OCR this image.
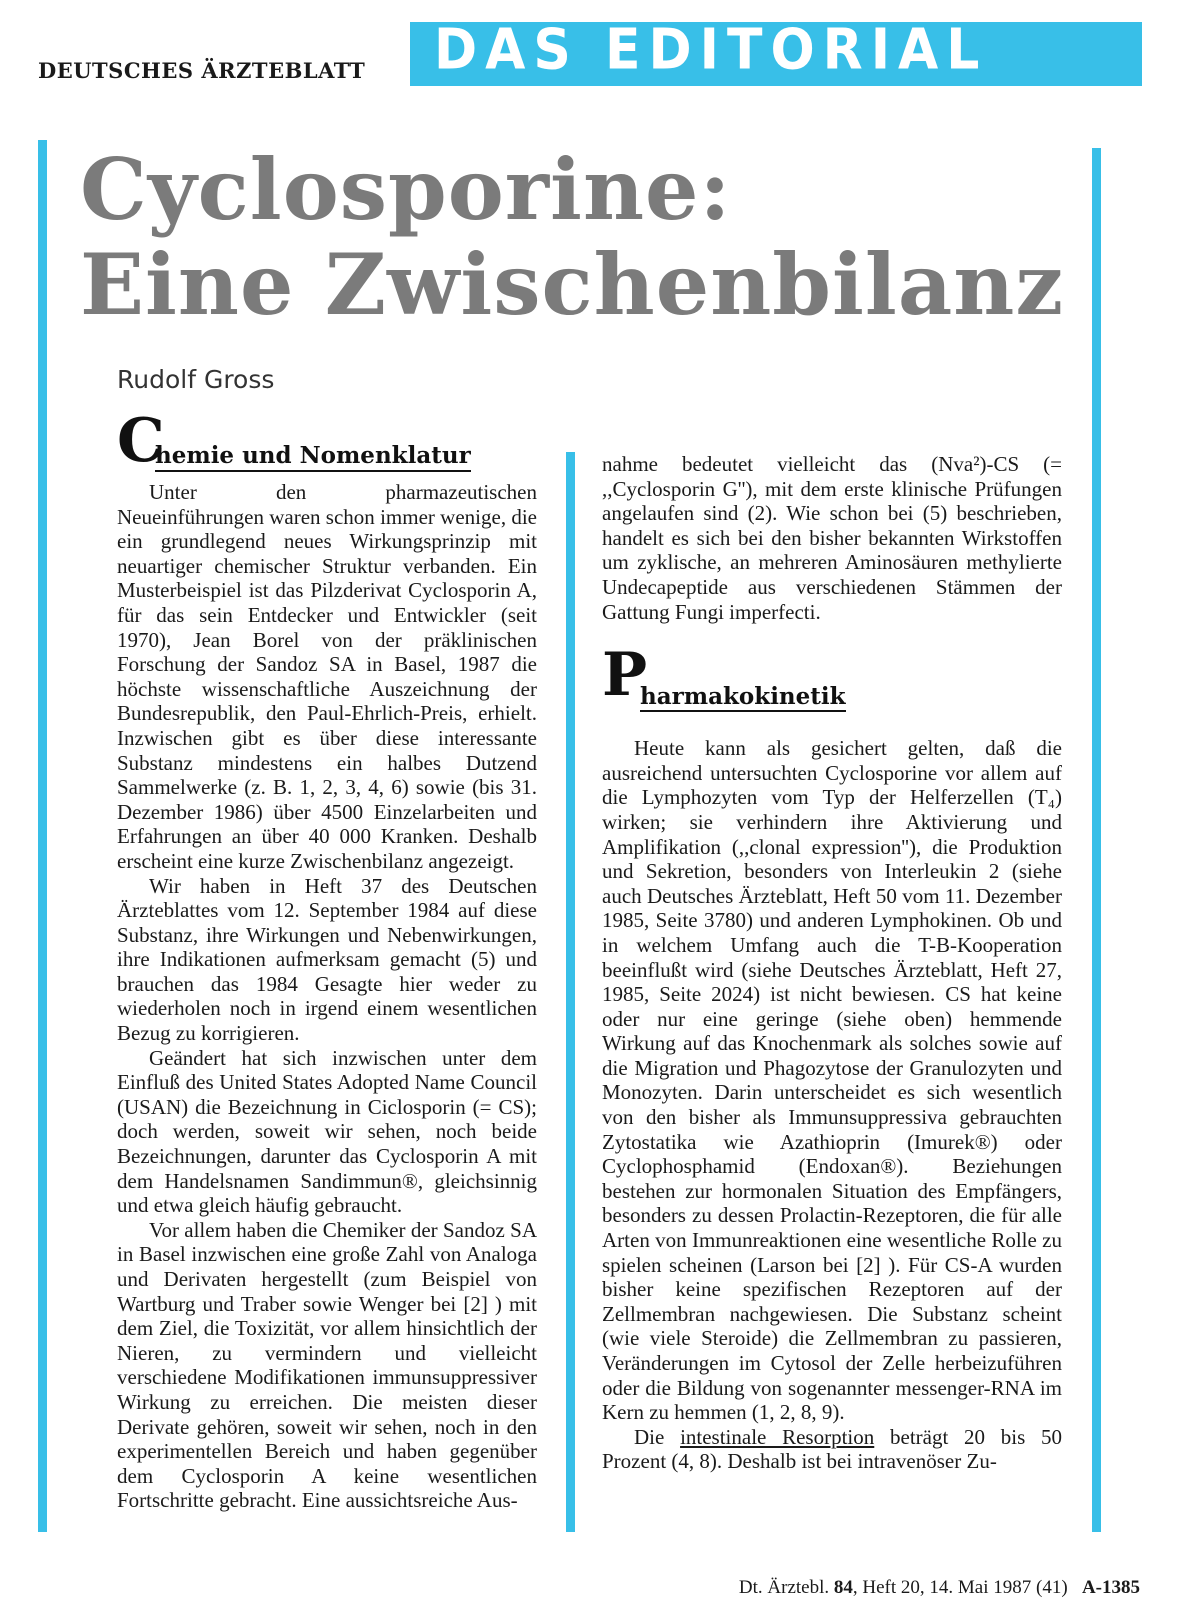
DEUTSCHES ÄRZTEBLATT DAS EDITORIAL
Cyclosporine:
Eine Zwischenbilanz
Rudolf Gross
C
hemie und Nomenklatur

Unter den pharmazeutischen Neueinführungen waren schon immer wenige, die ein grundlegend neues Wirkungsprinzip mit neuartiger chemischer Struktur verbanden. Ein Musterbeispiel ist das Pilzderivat Cyclosporin A, für das sein Entdecker und Entwickler (seit 1970), Jean Borel von der präklinischen Forschung der Sandoz SA in Basel, 1987 die höchste wissenschaftliche Auszeichnung der Bundesrepublik, den Paul-Ehrlich-Preis, erhielt. Inzwischen gibt es über diese interessante Substanz mindestens ein halbes Dutzend Sammelwerke (z. B. 1, 2, 3, 4, 6) sowie (bis 31. Dezember 1986) über 4500 Einzelarbeiten und Erfahrungen an über 40 000 Kranken. Deshalb erscheint eine kurze Zwischenbilanz angezeigt.

Wir haben in Heft 37 des Deutschen Ärzteblattes vom 12. September 1984 auf diese Substanz, ihre Wirkungen und Nebenwirkungen, ihre Indikationen aufmerksam gemacht (5) und brauchen das 1984 Gesagte hier weder zu wiederholen noch in irgend einem wesentlichen Bezug zu korrigieren.

Geändert hat sich inzwischen unter dem Einfluß des United States Adopted Name Council (USAN) die Bezeichnung in Ciclosporin (= CS); doch werden, soweit wir sehen, noch beide Bezeichnungen, darunter das Cyclosporin A mit dem Handelsnamen Sandimmun®, gleichsinnig und etwa gleich häufig gebraucht.

Vor allem haben die Chemiker der Sandoz SA in Basel inzwischen eine große Zahl von Analoga und Derivaten hergestellt (zum Beispiel von Wartburg und Traber sowie Wenger bei [2] ) mit dem Ziel, die Toxizität, vor allem hinsichtlich der Nieren, zu vermindern und vielleicht verschiedene Modifikationen immunsuppressiver Wirkung zu erreichen. Die meisten dieser Derivate gehören, soweit wir sehen, noch in den experimentellen Bereich und haben gegenüber dem Cyclosporin A keine wesentlichen Fortschritte gebracht. Eine aussichtsreiche Aus-

nahme bedeutet vielleicht das (Nva²)-CS (= ,,Cyclosporin G''), mit dem erste klinische Prüfungen angelaufen sind (2). Wie schon bei (5) beschrieben, handelt es sich bei den bisher bekannten Wirkstoffen um zyklische, an mehreren Aminosäuren methylierte Undecapeptide aus verschiedenen Stämmen der Gattung Fungi imperfecti.

P
harmakokinetik

Heute kann als gesichert gelten, daß die ausreichend untersuchten Cyclosporine vor allem auf die Lymphozyten vom Typ der Helferzellen (T₄) wirken; sie verhindern ihre Aktivierung und Amplifikation (,,clonal expression''), die Produktion und Sekretion, besonders von Interleukin 2 (siehe auch Deutsches Ärzteblatt, Heft 50 vom 11. Dezember 1985, Seite 3780) und anderen Lymphokinen. Ob und in welchem Umfang auch die T-B-Kooperation beeinflußt wird (siehe Deutsches Ärzteblatt, Heft 27, 1985, Seite 2024) ist nicht bewiesen. CS hat keine oder nur eine geringe (siehe oben) hemmende Wirkung auf das Knochenmark als solches sowie auf die Migration und Phagozytose der Granulozyten und Monozyten. Darin unterscheidet es sich wesentlich von den bisher als Immunsuppressiva gebrauchten Zytostatika wie Azathioprin (Imurek®) oder Cyclophosphamid (Endoxan®). Beziehungen bestehen zur hormonalen Situation des Empfängers, besonders zu dessen Prolactin-Rezeptoren, die für alle Arten von Immunreaktionen eine wesentliche Rolle zu spielen scheinen (Larson bei [2] ). Für CS-A wurden bisher keine spezifischen Rezeptoren auf der Zellmembran nachgewiesen. Die Substanz scheint (wie viele Steroide) die Zellmembran zu passieren, Veränderungen im Cytosol der Zelle herbeizuführen oder die Bildung von sogenannter messenger-RNA im Kern zu hemmen (1, 2, 8, 9).

Die intestinale Resorption beträgt 20 bis 50 Prozent (4, 8). Deshalb ist bei intravenöser Zu-

Dt. Ärztebl. 84, Heft 20, 14. Mai 1987 (41) A-1385
